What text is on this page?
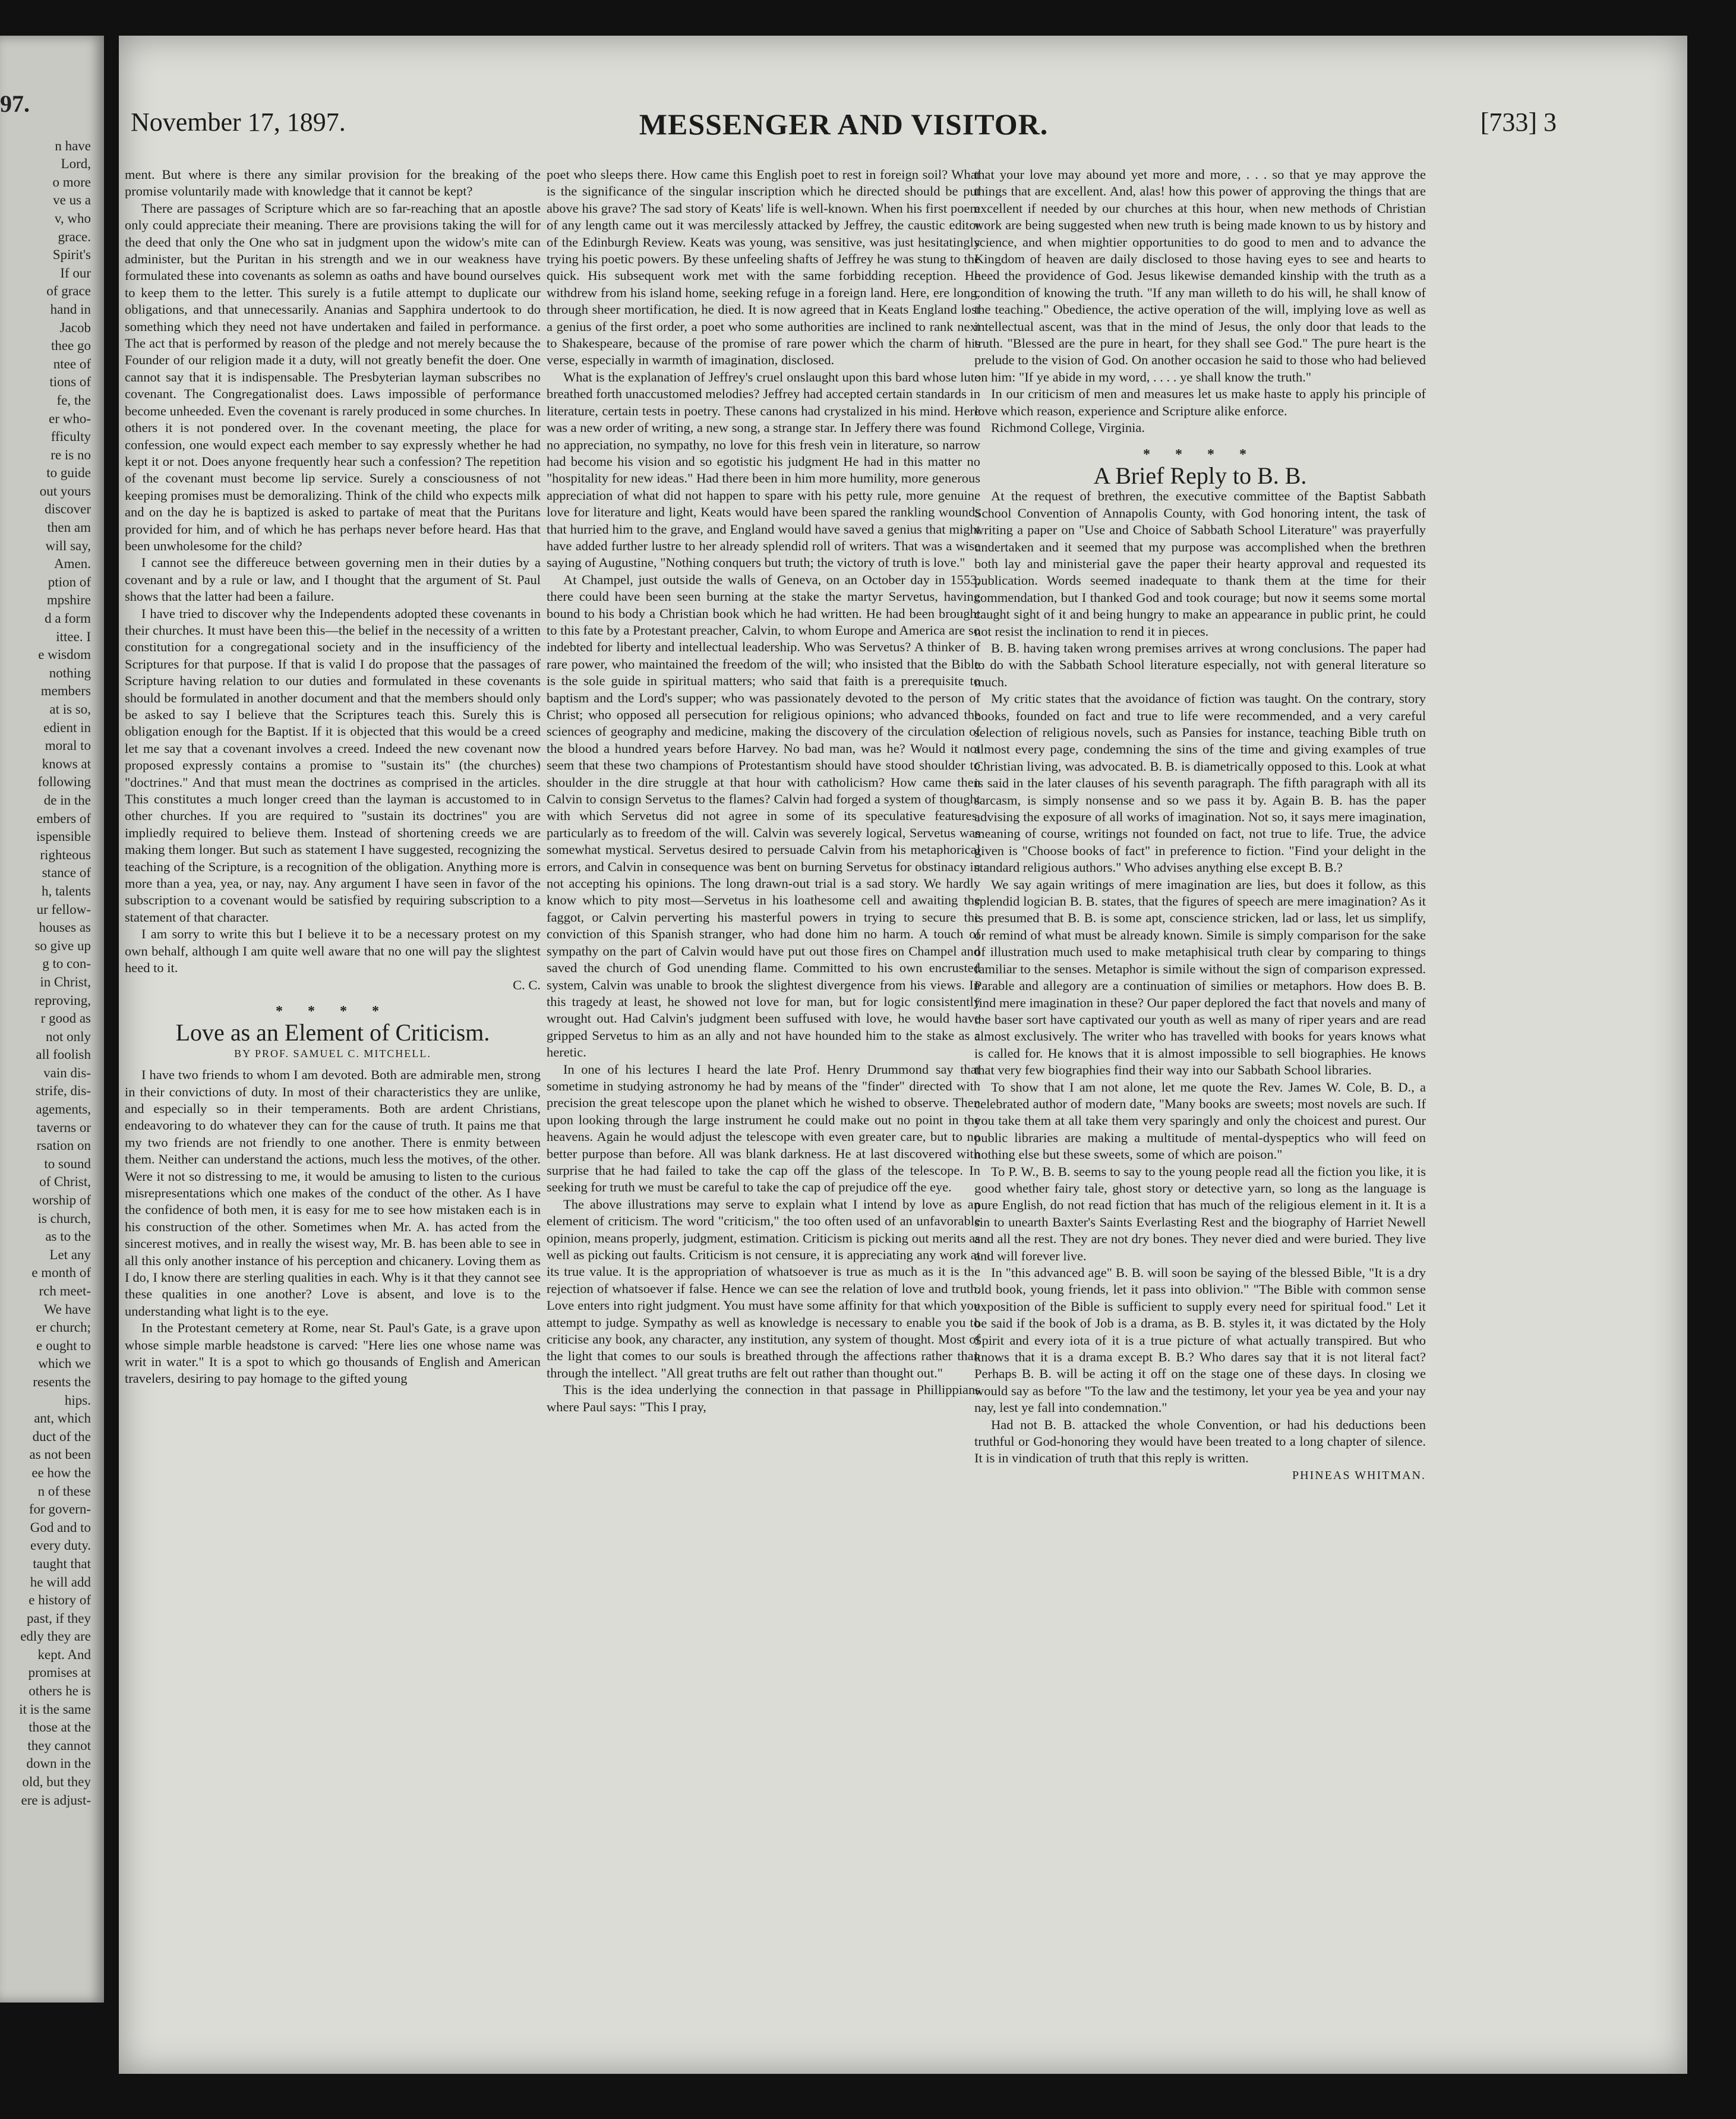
97.
n have
Lord,
o more
ve us a
v, who
grace.
Spirit's
If our
of grace
hand in
Jacob
thee go
ntee of
tions of
fe, the
er who-
fficulty
re is no
to guide
out yours
discover
then am
will say,
Amen.
ption of
mpshire
d a form
ittee. I
e wisdom
nothing
members
at is so,
edient in
moral to
knows at
following
de in the
embers of
ispensible
righteous
stance of
h, talents
ur fellow-
houses as
so give up
g to con-
in Christ,
reproving,
r good as
not only
all foolish
vain dis-
strife, dis-
agements,
taverns or
rsation on
to sound
of Christ,
worship of
is church,
as to the
Let any
e month of
rch meet-
We have
er church;
e ought to
which we
resents the
hips.
ant, which
duct of the
as not been
ee how the
n of these
for govern-
God and to
every duty.
taught that
he will add
e history of
past, if they
edly they are
kept. And
promises at
others he is
it is the same
those at the
they cannot
down in the
old, but they
ere is adjust-
November 17, 1897.	MESSENGER AND VISITOR.	[733] 3

ment. But where is there any similar provision for the breaking of the promise voluntarily made with knowledge that it cannot be kept?

There are passages of Scripture which are so far-reaching that an apostle only could appreciate their meaning. There are provisions taking the will for the deed that only the One who sat in judgment upon the widow's mite can administer, but the Puritan in his strength and we in our weakness have formulated these into covenants as solemn as oaths and have bound ourselves to keep them to the letter. This surely is a futile attempt to duplicate our obligations, and that unnecessarily. Ananias and Sapphira undertook to do something which they need not have undertaken and failed in performance. The act that is performed by reason of the pledge and not merely because the Founder of our religion made it a duty, will not greatly benefit the doer. One cannot say that it is indispensable. The Presbyterian layman subscribes no covenant. The Congregationalist does. Laws impossible of performance become unheeded. Even the covenant is rarely produced in some churches. In others it is not pondered over. In the covenant meeting, the place for confession, one would expect each member to say expressly whether he had kept it or not. Does anyone frequently hear such a confession? The repetition of the covenant must become lip service. Surely a consciousness of not keeping promises must be demoralizing. Think of the child who expects milk and on the day he is baptized is asked to partake of meat that the Puritans provided for him, and of which he has perhaps never before heard. Has that been unwholesome for the child?

I cannot see the differeuce between governing men in their duties by a covenant and by a rule or law, and I thought that the argument of St. Paul shows that the latter had been a failure.

I have tried to discover why the Independents adopted these covenants in their churches. It must have been this—the belief in the necessity of a written constitution for a congregational society and in the insufficiency of the Scriptures for that purpose. If that is valid I do propose that the passages of Scripture having relation to our duties and formulated in these covenants should be formulated in another document and that the members should only be asked to say I believe that the Scriptures teach this. Surely this is obligation enough for the Baptist. If it is objected that this would be a creed let me say that a covenant involves a creed. Indeed the new covenant now proposed expressly contains a promise to "sustain its" (the churches) "doctrines." And that must mean the doctrines as comprised in the articles. This constitutes a much longer creed than the layman is accustomed to in other churches. If you are required to "sustain its doctrines" you are impliedly required to believe them. Instead of shortening creeds we are making them longer. But such as statement I have suggested, recognizing the teaching of the Scripture, is a recognition of the obligation. Anything more is more than a yea, yea, or nay, nay. Any argument I have seen in favor of the subscription to a covenant would be satisfied by requiring subscription to a statement of that character.

I am sorry to write this but I believe it to be a necessary protest on my own behalf, although I am quite well aware that no one will pay the slightest heed to it.

C. C.

* * * *
Love as an Element of Criticism.
BY PROF. SAMUEL C. MITCHELL.

I have two friends to whom I am devoted. Both are admirable men, strong in their convictions of duty. In most of their characteristics they are unlike, and especially so in their temperaments. Both are ardent Christians, endeavoring to do whatever they can for the cause of truth. It pains me that my two friends are not friendly to one another. There is enmity between them. Neither can understand the actions, much less the motives, of the other. Were it not so distressing to me, it would be amusing to listen to the curious misrepresentations which one makes of the conduct of the other. As I have the confidence of both men, it is easy for me to see how mistaken each is in his construction of the other. Sometimes when Mr. A. has acted from the sincerest motives, and in really the wisest way, Mr. B. has been able to see in all this only another instance of his perception and chicanery. Loving them as I do, I know there are sterling qualities in each. Why is it that they cannot see these qualities in one another? Love is absent, and love is to the understanding what light is to the eye.

In the Protestant cemetery at Rome, near St. Paul's Gate, is a grave upon whose simple marble headstone is carved: "Here lies one whose name was writ in water." It is a spot to which go thousands of English and American travelers, desiring to pay homage to the gifted young

poet who sleeps there. How came this English poet to rest in foreign soil? What is the significance of the singular inscription which he directed should be put above his grave? The sad story of Keats' life is well-known. When his first poem of any length came out it was mercilessly attacked by Jeffrey, the caustic editor of the Edinburgh Review. Keats was young, was sensitive, was just hesitatingly trying his poetic powers. By these unfeeling shafts of Jeffrey he was stung to the quick. His subsequent work met with the same forbidding reception. He withdrew from his island home, seeking refuge in a foreign land. Here, ere long, through sheer mortification, he died. It is now agreed that in Keats England lost a genius of the first order, a poet who some authorities are inclined to rank next to Shakespeare, because of the promise of rare power which the charm of his verse, especially in warmth of imagination, disclosed.

What is the explanation of Jeffrey's cruel onslaught upon this bard whose lute breathed forth unaccustomed melodies? Jeffrey had accepted certain standards in literature, certain tests in poetry. These canons had crystalized in his mind. Here was a new order of writing, a new song, a strange star. In Jeffery there was found no appreciation, no sympathy, no love for this fresh vein in literature, so narrow had become his vision and so egotistic his judgment He had in this matter no "hospitality for new ideas." Had there been in him more humility, more generous appreciation of what did not happen to spare with his petty rule, more genuine love for literature and light, Keats would have been spared the rankling wounds that hurried him to the grave, and England would have saved a genius that might have added further lustre to her already splendid roll of writers. That was a wise saying of Augustine, "Nothing conquers but truth; the victory of truth is love."

At Champel, just outside the walls of Geneva, on an October day in 1553, there could have been seen burning at the stake the martyr Servetus, having bound to his body a Christian book which he had written. He had been brought to this fate by a Protestant preacher, Calvin, to whom Europe and America are so indebted for liberty and intellectual leadership. Who was Servetus? A thinker of rare power, who maintained the freedom of the will; who insisted that the Bible is the sole guide in spiritual matters; who said that faith is a prerequisite to baptism and the Lord's supper; who was passionately devoted to the person of Christ; who opposed all persecution for religious opinions; who advanced the sciences of geography and medicine, making the discovery of the circulation of the blood a hundred years before Harvey. No bad man, was he? Would it not seem that these two champions of Protestantism should have stood shoulder to shoulder in the dire struggle at that hour with catholicism? How came then Calvin to consign Servetus to the flames? Calvin had forged a system of thought with which Servetus did not agree in some of its speculative features, particularly as to freedom of the will. Calvin was severely logical, Servetus was somewhat mystical. Servetus desired to persuade Calvin from his metaphorical errors, and Calvin in consequence was bent on burning Servetus for obstinacy in not accepting his opinions. The long drawn-out trial is a sad story. We hardly know which to pity most—Servetus in his loathesome cell and awaiting the faggot, or Calvin perverting his masterful powers in trying to secure the conviction of this Spanish stranger, who had done him no harm. A touch of sympathy on the part of Calvin would have put out those fires on Champel and saved the church of God unending flame. Committed to his own encrusted system, Calvin was unable to brook the slightest divergence from his views. In this tragedy at least, he showed not love for man, but for logic consistently wrought out. Had Calvin's judgment been suffused with love, he would have gripped Servetus to him as an ally and not have hounded him to the stake as a heretic.

In one of his lectures I heard the late Prof. Henry Drummond say that sometime in studying astronomy he had by means of the "finder" directed with precision the great telescope upon the planet which he wished to observe. Then upon looking through the large instrument he could make out no point in the heavens. Again he would adjust the telescope with even greater care, but to no better purpose than before. All was blank darkness. He at last discovered with surprise that he had failed to take the cap off the glass of the telescope. In seeking for truth we must be careful to take the cap of prejudice off the eye.

The above illustrations may serve to explain what I intend by love as an element of criticism. The word "criticism," the too often used of an unfavorable opinion, means properly, judgment, estimation. Criticism is picking out merits as well as picking out faults. Criticism is not censure, it is appreciating any work at its true value. It is the appropriation of whatsoever is true as much as it is the rejection of whatsoever if false. Hence we can see the relation of love and truth. Love enters into right judgment. You must have some affinity for that which you attempt to judge. Sympathy as well as knowledge is necessary to enable you to criticise any book, any character, any institution, any system of thought. Most of the light that comes to our souls is breathed through the affections rather than through the intellect. "All great truths are felt out rather than thought out."

This is the idea underlying the connection in that passage in Phillippians where Paul says: "This I pray,

that your love may abound yet more and more, . . . so that ye may approve the things that are excellent. And, alas! how this power of approving the things that are excellent if needed by our churches at this hour, when new methods of Christian work are being suggested when new truth is being made known to us by history and science, and when mightier opportunities to do good to men and to advance the Kingdom of heaven are daily disclosed to those having eyes to see and hearts to heed the providence of God. Jesus likewise demanded kinship with the truth as a condition of knowing the truth. "If any man willeth to do his will, he shall know of the teaching." Obedience, the active operation of the will, implying love as well as intellectual ascent, was that in the mind of Jesus, the only door that leads to the truth. "Blessed are the pure in heart, for they shall see God." The pure heart is the prelude to the vision of God. On another occasion he said to those who had believed on him: "If ye abide in my word, . . . . ye shall know the truth."

In our criticism of men and measures let us make haste to apply his principle of love which reason, experience and Scripture alike enforce.

Richmond College, Virginia.

* * * *
A Brief Reply to B. B.

At the request of brethren, the executive committee of the Baptist Sabbath School Convention of Annapolis County, with God honoring intent, the task of writing a paper on "Use and Choice of Sabbath School Literature" was prayerfully undertaken and it seemed that my purpose was accomplished when the brethren both lay and ministerial gave the paper their hearty approval and requested its publication. Words seemed inadequate to thank them at the time for their commendation, but I thanked God and took courage; but now it seems some mortal caught sight of it and being hungry to make an appearance in public print, he could not resist the inclination to rend it in pieces.

B. B. having taken wrong premises arrives at wrong conclusions. The paper had to do with the Sabbath School literature especially, not with general literature so much.

My critic states that the avoidance of fiction was taught. On the contrary, story books, founded on fact and true to life were recommended, and a very careful selection of religious novels, such as Pansies for instance, teaching Bible truth on almost every page, condemning the sins of the time and giving examples of true Christian living, was advocated. B. B. is diametrically opposed to this. Look at what is said in the later clauses of his seventh paragraph. The fifth paragraph with all its sarcasm, is simply nonsense and so we pass it by. Again B. B. has the paper advising the exposure of all works of imagination. Not so, it says mere imagination, meaning of course, writings not founded on fact, not true to life. True, the advice given is "Choose books of fact" in preference to fiction. "Find your delight in the standard religious authors." Who advises anything else except B. B.?

We say again writings of mere imagination are lies, but does it follow, as this splendid logician B. B. states, that the figures of speech are mere imagination? As it is presumed that B. B. is some apt, conscience stricken, lad or lass, let us simplify, or remind of what must be already known. Simile is simply comparison for the sake of illustration much used to make metaphisical truth clear by comparing to things familiar to the senses. Metaphor is simile without the sign of comparison expressed. Parable and allegory are a continuation of similies or metaphors. How does B. B. find mere imagination in these? Our paper deplored the fact that novels and many of the baser sort have captivated our youth as well as many of riper years and are read almost exclusively. The writer who has travelled with books for years knows what is called for. He knows that it is almost impossible to sell biographies. He knows that very few biographies find their way into our Sabbath School libraries.

To show that I am not alone, let me quote the Rev. James W. Cole, B. D., a celebrated author of modern date, "Many books are sweets; most novels are such. If you take them at all take them very sparingly and only the choicest and purest. Our public libraries are making a multitude of mental-dyspeptics who will feed on nothing else but these sweets, some of which are poison."

To P. W., B. B. seems to say to the young people read all the fiction you like, it is good whether fairy tale, ghost story or detective yarn, so long as the language is pure English, do not read fiction that has much of the religious element in it. It is a sin to unearth Baxter's Saints Everlasting Rest and the biography of Harriet Newell and all the rest. They are not dry bones. They never died and were buried. They live and will forever live.

In "this advanced age" B. B. will soon be saying of the blessed Bible, "It is a dry old book, young friends, let it pass into oblivion." "The Bible with common sense exposition of the Bible is sufficient to supply every need for spiritual food." Let it be said if the book of Job is a drama, as B. B. styles it, it was dictated by the Holy Spirit and every iota of it is a true picture of what actually transpired. But who knows that it is a drama except B. B.? Who dares say that it is not literal fact? Perhaps B. B. will be acting it off on the stage one of these days. In closing we would say as before "To the law and the testimony, let your yea be yea and your nay nay, lest ye fall into condemnation."

Had not B. B. attacked the whole Convention, or had his deductions been truthful or God-honoring they would have been treated to a long chapter of silence. It is in vindication of truth that this reply is written.

PHINEAS WHITMAN.
